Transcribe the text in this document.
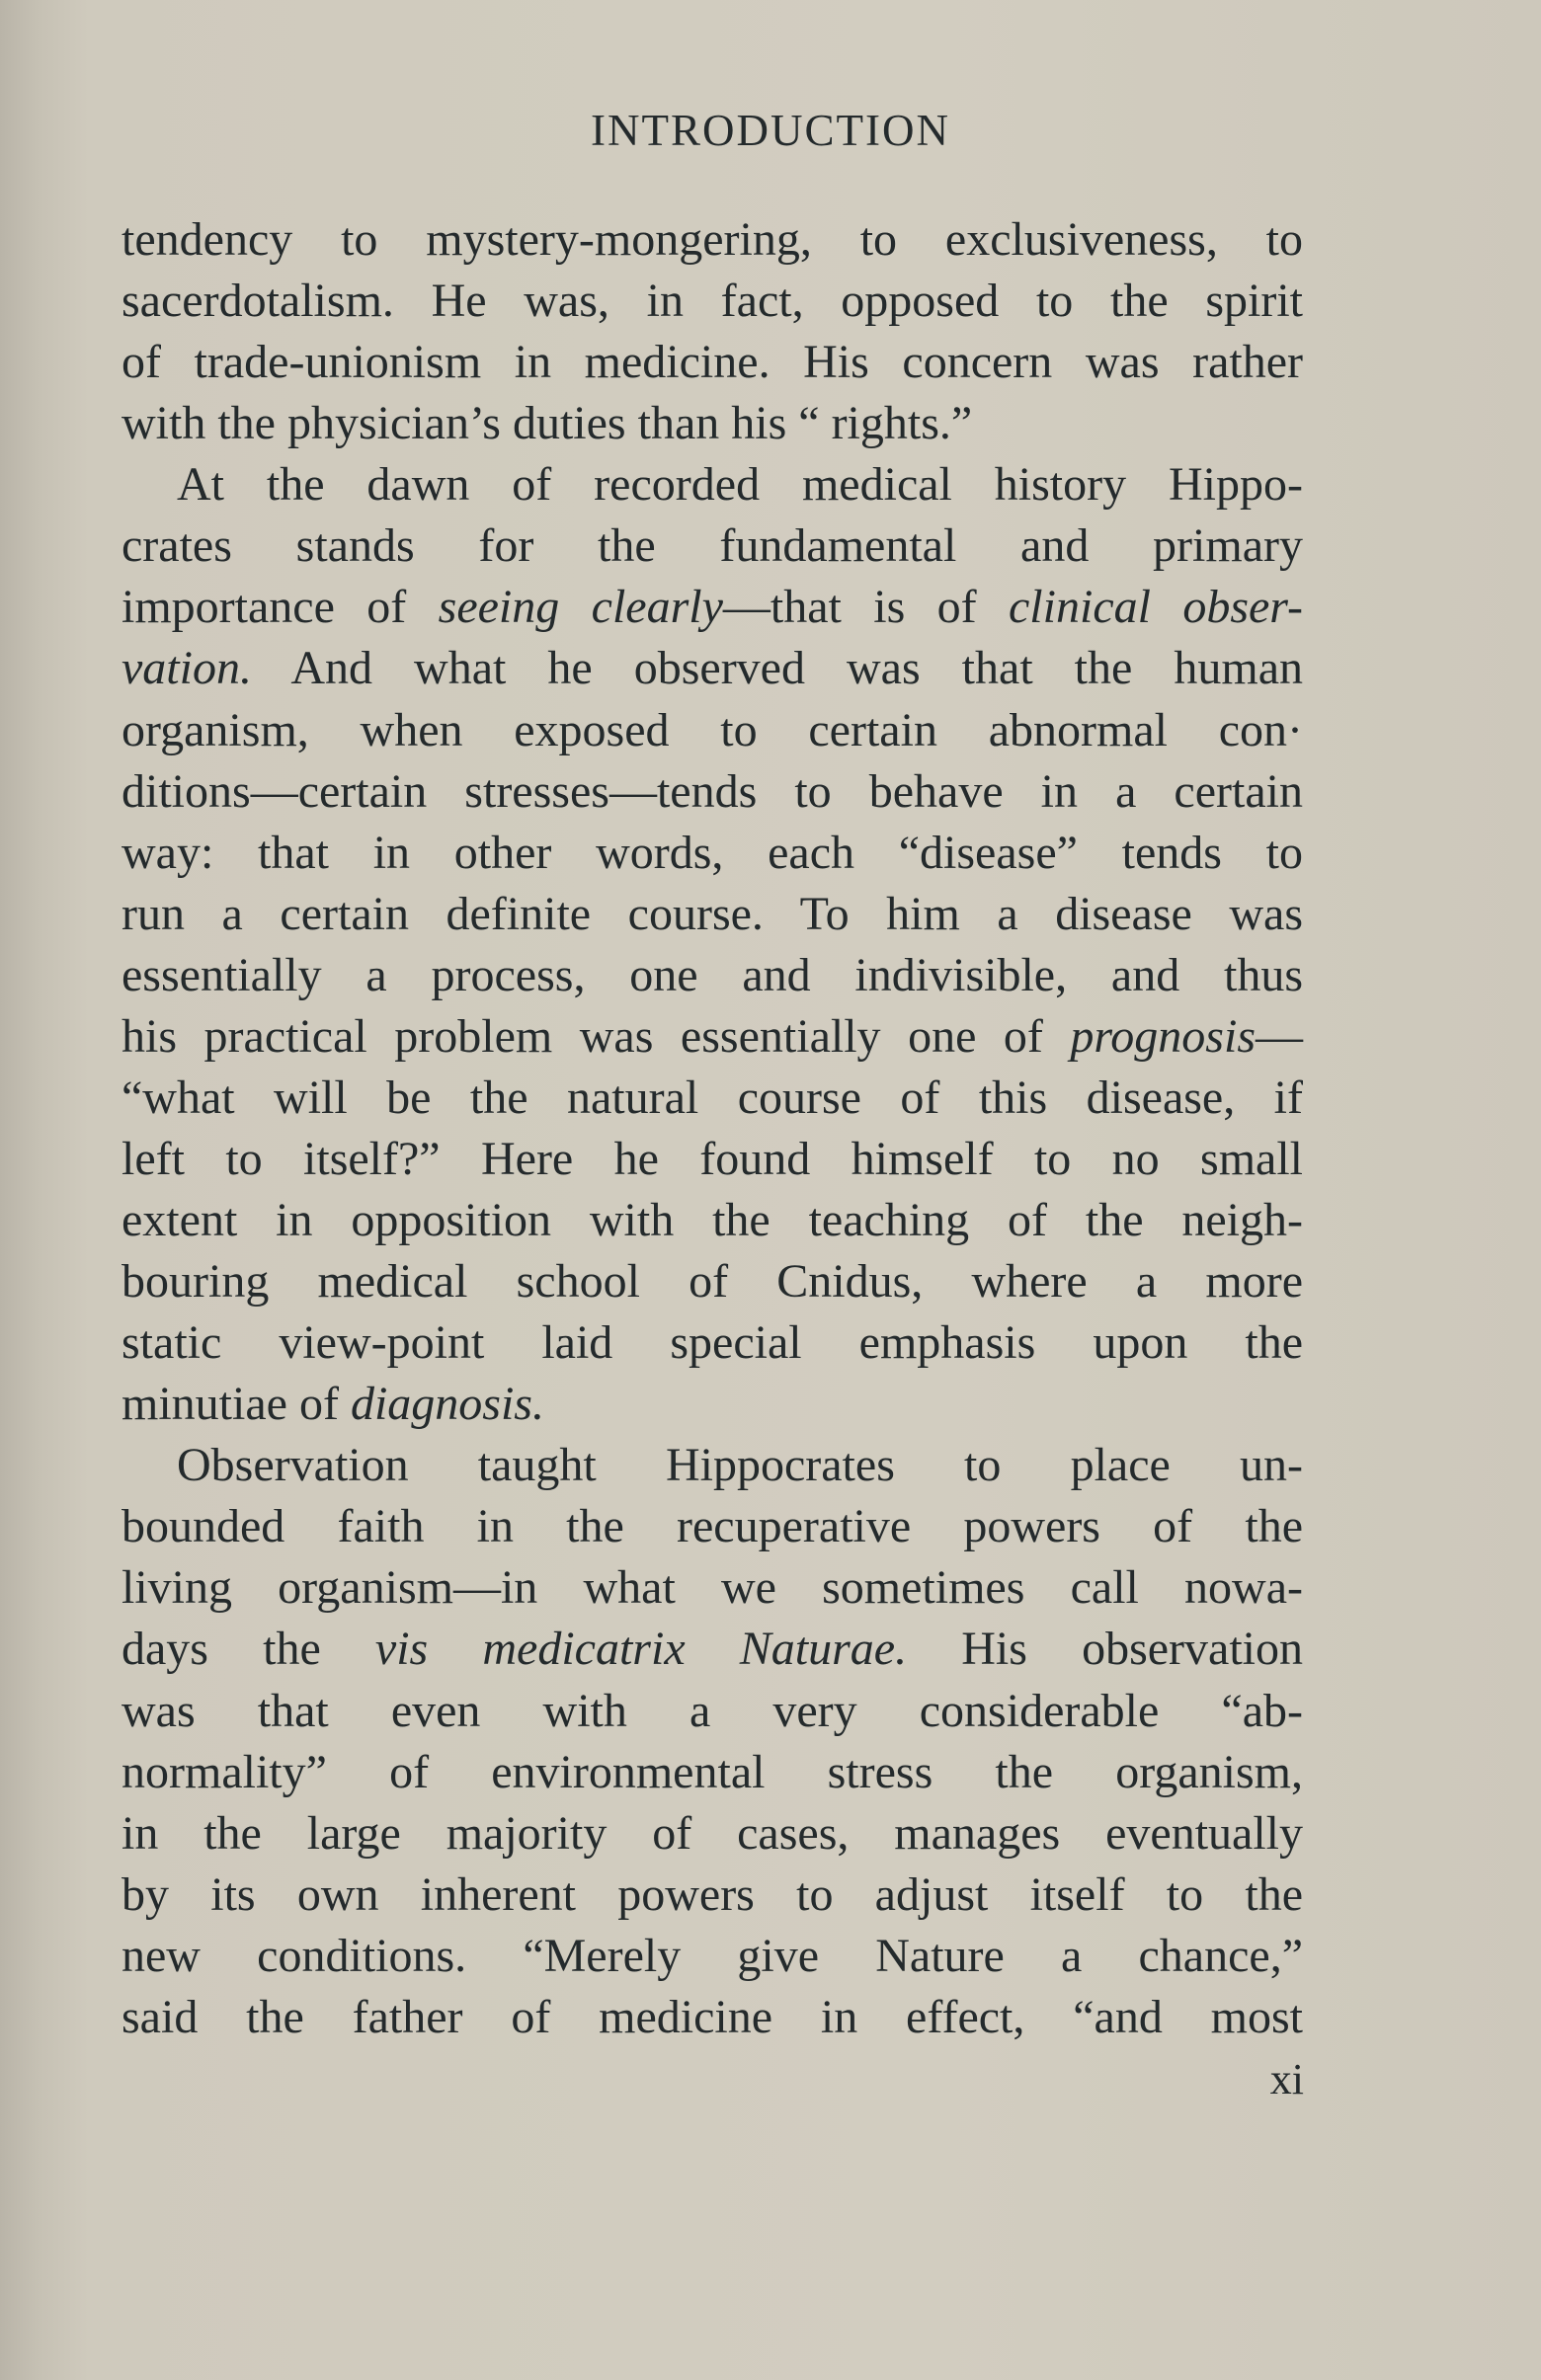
INTRODUCTION
tendency to mystery-mongering, to exclusiveness, to
sacerdotalism. He was, in fact, opposed to the spirit
of trade-unionism in medicine. His concern was rather
with the physician’s duties than his “ rights.”
At the dawn of recorded medical history Hippo-
crates stands for the fundamental and primary
importance of seeing clearly—that is of clinical obser-
vation. And what he observed was that the human
organism, when exposed to certain abnormal con·
ditions—certain stresses—tends to behave in a certain
way: that in other words, each “disease” tends to
run a certain definite course. To him a disease was
essentially a process, one and indivisible, and thus
his practical problem was essentially one of prognosis—
“what will be the natural course of this disease, if
left to itself?” Here he found himself to no small
extent in opposition with the teaching of the neigh-
bouring medical school of Cnidus, where a more
static view-point laid special emphasis upon the
minutiae of diagnosis.
Observation taught Hippocrates to place un-
bounded faith in the recuperative powers of the
living organism—in what we sometimes call nowa-
days the vis medicatrix Naturae. His observation
was that even with a very considerable “ab-
normality” of environmental stress the organism,
in the large majority of cases, manages eventually
by its own inherent powers to adjust itself to the
new conditions. “Merely give Nature a chance,”
said the father of medicine in effect, “and most
xi
